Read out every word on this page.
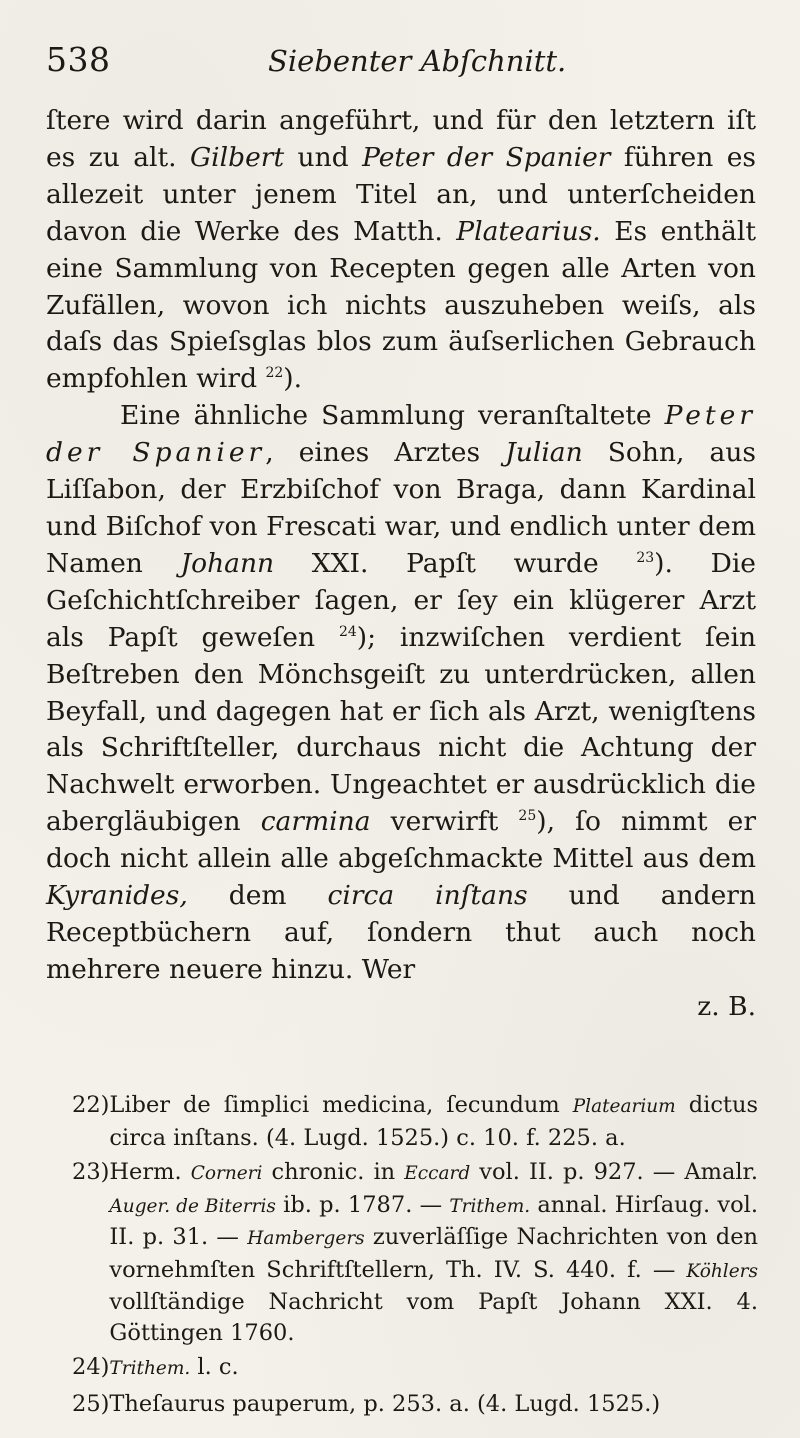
538	Siebenter Abſchnitt.

ſtere wird darin angeführt, und für den letztern iſt es zu alt. Gilbert und Peter der Spanier führen es allezeit unter jenem Titel an, und unterſcheiden davon die Werke des Matth. Platearius. Es enthält eine Sammlung von Recepten gegen alle Arten von Zufällen, wovon ich nichts auszuheben weiſs, als daſs das Spieſsglas blos zum äuſserlichen Gebrauch empfohlen wird $^{22}$).

Eine ähnliche Sammlung veranſtaltete Peter der Spanier, eines Arztes Julian Sohn, aus Liſſabon, der Erzbiſchof von Braga, dann Kardinal und Biſchof von Frescati war, und endlich unter dem Namen Johann XXI. Papſt wurde $^{23}$). Die Geſchichtſchreiber ſagen, er ſey ein klügerer Arzt als Papſt geweſen $^{24}$); inzwiſchen verdient ſein Beſtreben den Mönchsgeiſt zu unterdrücken, allen Beyfall, und dagegen hat er ſich als Arzt, wenigſtens als Schriftſteller, durchaus nicht die Achtung der Nachwelt erworben. Ungeachtet er ausdrücklich die abergläubigen carmina verwirft $^{25}$), ſo nimmt er doch nicht allein alle abgeſchmackte Mittel aus dem Kyranides, dem circa inſtans und andern Receptbüchern auf, ſondern thut auch noch mehrere neuere hinzu. Wer

z. B.

22) Liber de ſimplici medicina, ſecundum Platearium dictus circa inſtans. (4. Lugd. 1525.) c. 10. f. 225. a.
23) Herm. Corneri chronic. in Eccard vol. II. p. 927. — Amalr. Auger. de Biterris ib. p. 1787. — Trithem. annal. Hirſaug. vol. II. p. 31. — Hambergers zuverläſſige Nachrichten von den vornehmſten Schriftſtellern, Th. IV. S. 440. f. — Köhlers vollſtändige Nachricht vom Papſt Johann XXI. 4. Göttingen 1760.
24) Trithem. l. c.
25) Theſaurus pauperum, p. 253. a. (4. Lugd. 1525.)
